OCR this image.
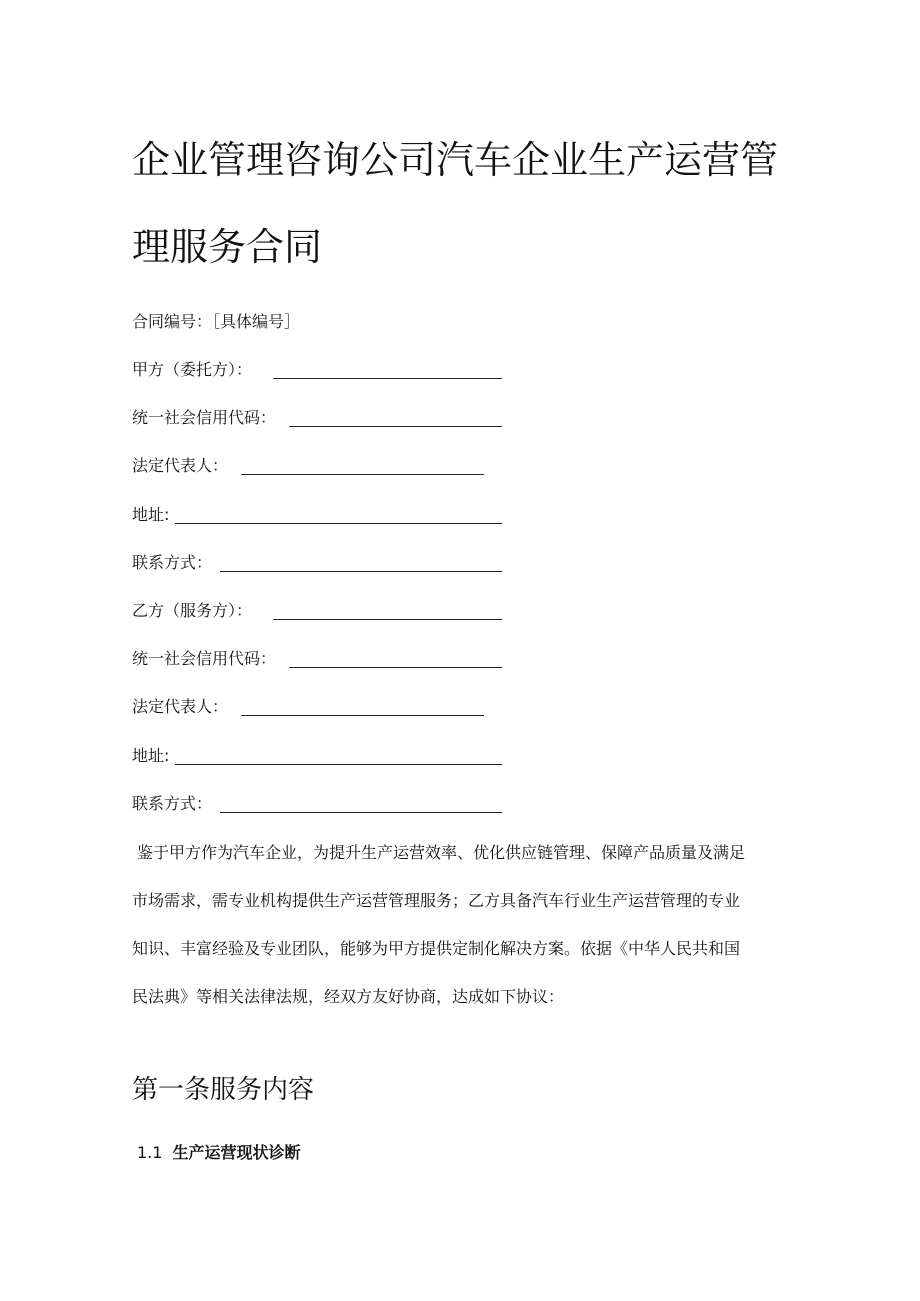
企业管理咨询公司汽车企业生产运营管
理服务合同
合同编号：［具体编号］
甲方（委托方）：
统一社会信用代码：
法定代表人：
地址:
联系方式：
乙方（服务方）：
统一社会信用代码：
法定代表人：
地址:
联系方式：
鉴于甲方作为汽车企业，为提升生产运营效率、优化供应链管理、保障产品质量及满足
市场需求，需专业机构提供生产运营管理服务；乙方具备汽车行业生产运营管理的专业
知识、丰富经验及专业团队，能够为甲方提供定制化解决方案。依据《中华人民共和国
民法典》等相关法律法规，经双方友好协商，达成如下协议：
第一条服务内容
1.1 生产运营现状诊断
